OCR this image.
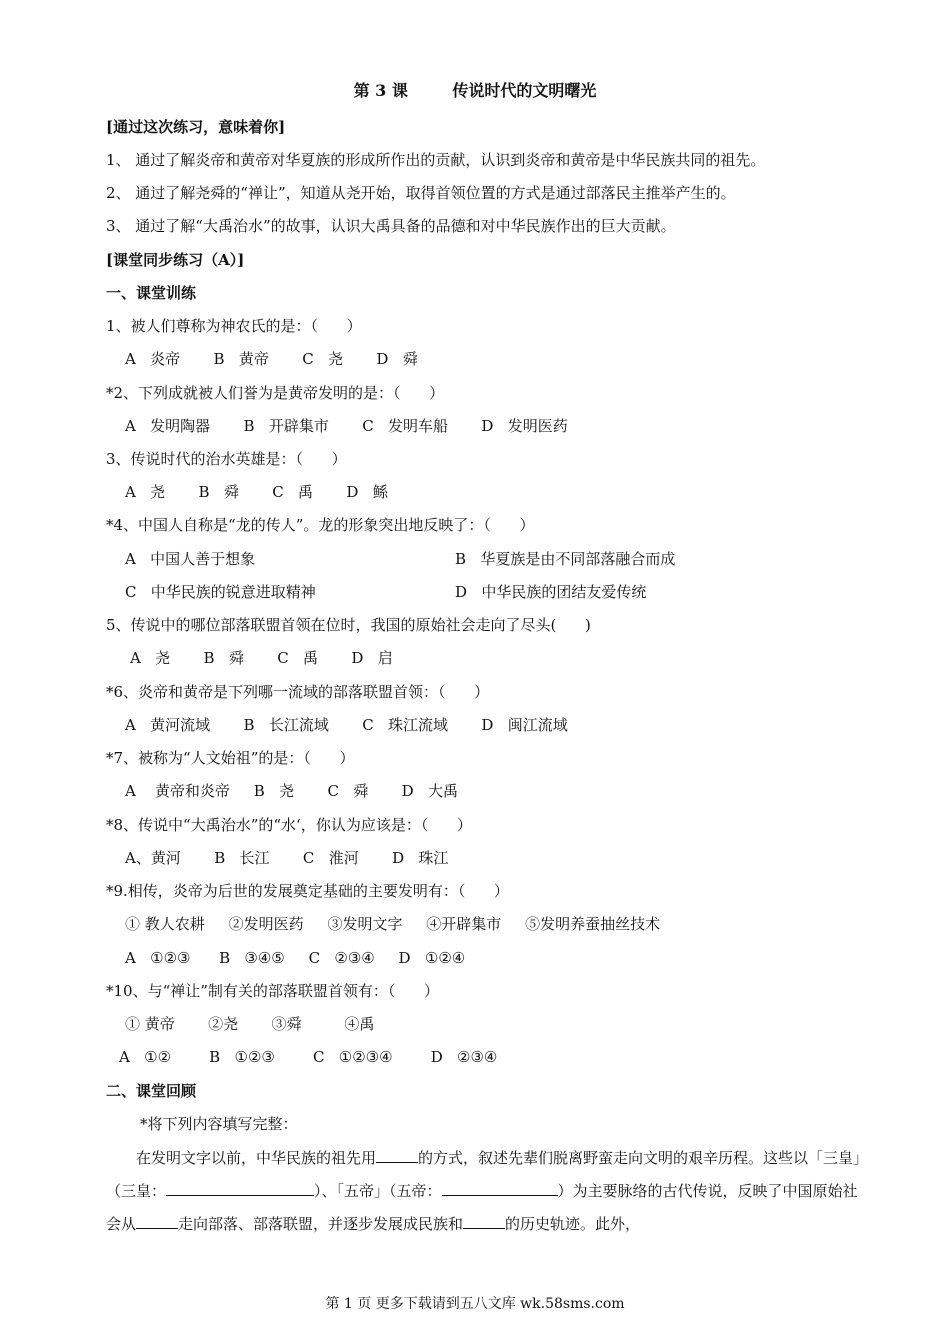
第 3 课        传说时代的文明曙光
[通过这次练习，意味着你]
1、 通过了解炎帝和黄帝对华夏族的形成所作出的贡献，认识到炎帝和黄帝是中华民族共同的祖先。
2、 通过了解尧舜的“禅让”，知道从尧开始，取得首领位置的方式是通过部落民主推举产生的。
3、 通过了解“大禹治水”的故事，认识大禹具备的品德和对中华民族作出的巨大贡献。
[课堂同步练习（A）]
一、课堂训练
1、被人们尊称为神农氏的是：（      ）
A   炎帝       B   黄帝       C   尧       D   舜
*2、下列成就被人们誉为是黄帝发明的是：（      ）
A   发明陶器       B   开辟集市       C   发明车船       D   发明医药
3、传说时代的治水英雄是：（      ）
A   尧       B   舜       C   禹       D   鲧
*4、中国人自称是“龙的传人”。龙的形象突出地反映了：（      ）
A   中国人善于想象	B   华夏族是由不同部落融合而成
C   中华民族的锐意进取精神	D   中华民族的团结友爱传统
5、传说中的哪位部落联盟首领在位时，我国的原始社会走向了尽头(      )
A   尧       B   舜       C   禹       D   启
*6、炎帝和黄帝是下列哪一流域的部落联盟首领：（      ）
A   黄河流域       B   长江流域       C   珠江流域       D   闽江流域
*7、被称为“人文始祖”的是：（      ）
A    黄帝和炎帝     B   尧       C   舜       D   大禹
*8、传说中“大禹治水”的“水‘，你认为应该是：（      ）
A、黄河       B   长江       C   淮河       D   珠江
*9.相传，炎帝为后世的发展奠定基础的主要发明有：（      ）
① 教人农耕     ②发明医药     ③发明文字     ④开辟集市     ⑤发明养蚕抽丝技术
A   ①②③      B   ③④⑤     C   ②③④     D   ①②④
*10、与“禅让”制有关的部落联盟首领有：（      ）
① 黄帝       ②尧       ③舜         ④禹
A   ①②        B   ①②③        C   ①②③④        D   ②③④
二、课堂回顾
*将下列内容填写完整：
在发明文字以前，中华民族的祖先用	的方式，叙述先辈们脱离野蛮走向文明的艰辛历程。这些以「三皇」（三皇：	）、「五帝」（五帝：	）为主要脉络的古代传说，反映了中国原始社会从	走向部落、部落联盟，并逐步发展成民族和	的历史轨迹。此外，
第 1 页 更多下载请到五八文库 wk.58sms.com
